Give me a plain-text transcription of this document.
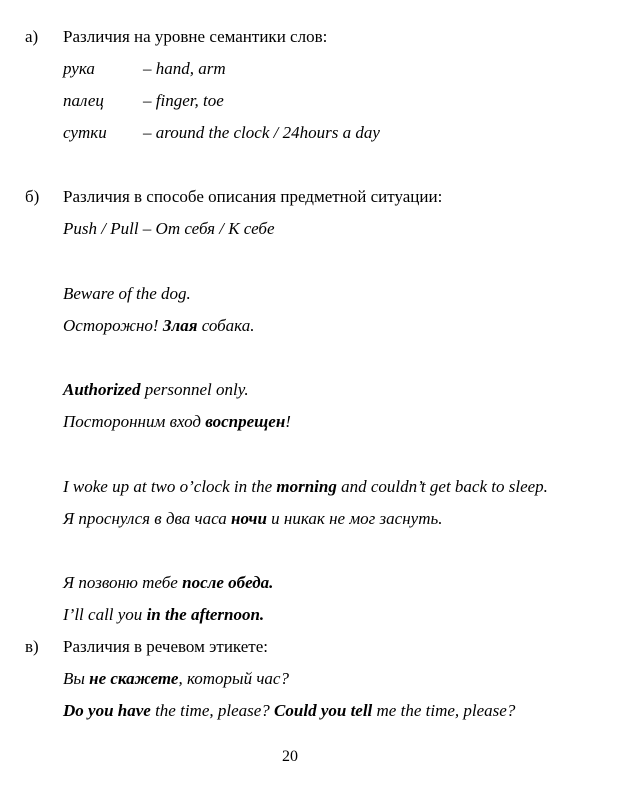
а) Различия на уровне семантики слов:
рука	– hand, arm
палец – finger, toe
сутки – around the clock / 24hours a day
б) Различия в способе описания предметной ситуации:
Push / Pull – От себя / К себе
Beware of the dog.
Осторожно! Злая собака.
Authorized personnel only.
Посторонним вход воспрещен!
I woke up at two o’clock in the morning and couldn’t get back to sleep.
Я проснулся в два часа ночи и никак не мог заснуть.
Я позвоню тебе после обеда.
I’ll call you in the afternoon.
в) Различия в речевом этикете:
Вы не скажете, который час?
Do you have the time, please? Could you tell me the time, please?
20
